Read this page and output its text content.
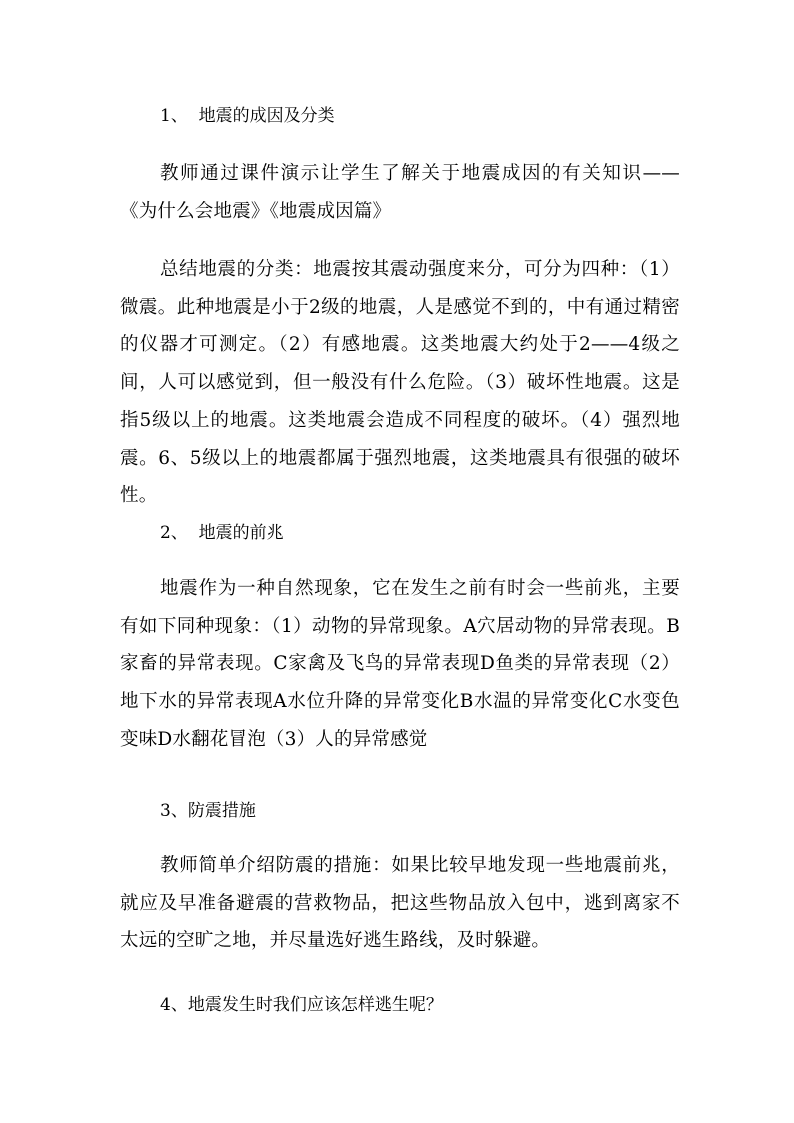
1、  地震的成因及分类
教师通过课件演示让学生了解关于地震成因的有关知识——《为什么会地震》《地震成因篇》
总结地震的分类：地震按其震动强度来分，可分为四种：（1）微震。此种地震是小于2级的地震，人是感觉不到的，中有通过精密的仪器才可测定。（2）有感地震。这类地震大约处于2——4级之间，人可以感觉到，但一般没有什么危险。（3）破坏性地震。这是指5级以上的地震。这类地震会造成不同程度的破坏。（4）强烈地震。6、5级以上的地震都属于强烈地震，这类地震具有很强的破坏性。
2、  地震的前兆
地震作为一种自然现象，它在发生之前有时会一些前兆，主要有如下同种现象：（1）动物的异常现象。A穴居动物的异常表现。B家畜的异常表现。C家禽及飞鸟的异常表现D鱼类的异常表现（2）地下水的异常表现A水位升降的异常变化B水温的异常变化C水变色变味D水翻花冒泡（3）人的异常感觉
3、防震措施
教师简单介绍防震的措施：如果比较早地发现一些地震前兆，就应及早准备避震的营救物品，把这些物品放入包中，逃到离家不太远的空旷之地，并尽量选好逃生路线，及时躲避。
4、地震发生时我们应该怎样逃生呢？
